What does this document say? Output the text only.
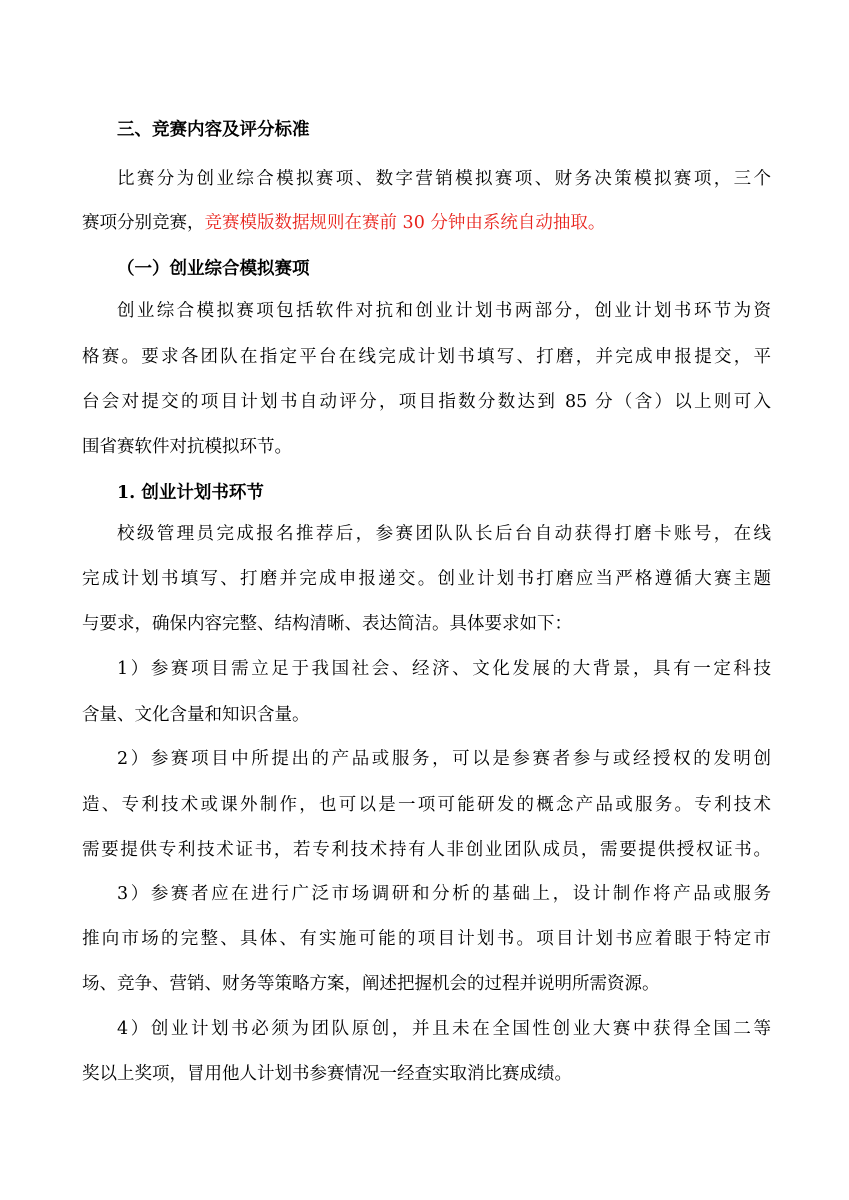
三、竞赛内容及评分标准
比赛分为创业综合模拟赛项、数字营销模拟赛项、财务决策模拟赛项，三个
赛项分别竞赛，竞赛模版数据规则在赛前 30 分钟由系统自动抽取。
（一）创业综合模拟赛项
创业综合模拟赛项包括软件对抗和创业计划书两部分，创业计划书环节为资
格赛。要求各团队在指定平台在线完成计划书填写、打磨，并完成申报提交，平
台会对提交的项目计划书自动评分，项目指数分数达到 85 分（含）以上则可入
围省赛软件对抗模拟环节。
1. 创业计划书环节
校级管理员完成报名推荐后，参赛团队队长后台自动获得打磨卡账号，在线
完成计划书填写、打磨并完成申报递交。创业计划书打磨应当严格遵循大赛主题
与要求，确保内容完整、结构清晰、表达简洁。具体要求如下：
1）参赛项目需立足于我国社会、经济、文化发展的大背景，具有一定科技
含量、文化含量和知识含量。
2）参赛项目中所提出的产品或服务，可以是参赛者参与或经授权的发明创
造、专利技术或课外制作，也可以是一项可能研发的概念产品或服务。专利技术
需要提供专利技术证书，若专利技术持有人非创业团队成员，需要提供授权证书。
3）参赛者应在进行广泛市场调研和分析的基础上，设计制作将产品或服务
推向市场的完整、具体、有实施可能的项目计划书。项目计划书应着眼于特定市
场、竞争、营销、财务等策略方案，阐述把握机会的过程并说明所需资源。
4）创业计划书必须为团队原创，并且未在全国性创业大赛中获得全国二等
奖以上奖项，冒用他人计划书参赛情况一经查实取消比赛成绩。
